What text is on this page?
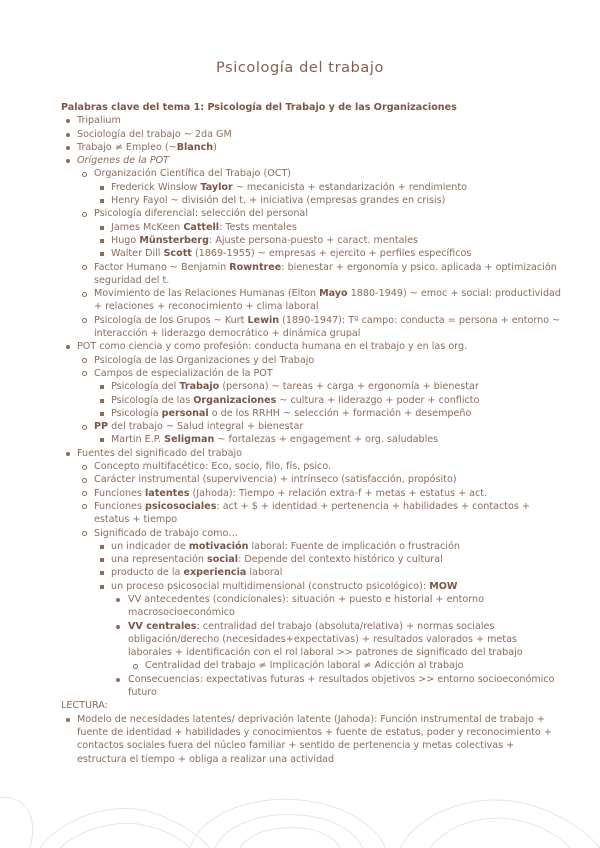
Psicología del trabajo
Palabras clave del tema 1: Psicología del Trabajo y de las Organizaciones
Tripalium
Sociología del trabajo ~ 2da GM
Trabajo ≠ Empleo (~Blanch)
Orígenes de la POT
Organización Científica del Trabajo (OCT)
Frederick Winslow Taylor ~ mecanicista + estandarización + rendimiento
Henry Fayol ~ división del t. + iniciativa (empresas grandes en crisis)
Psicología diferencial: selección del personal
James McKeen Cattell: Tests mentales
Hugo Münsterberg: Ajuste persona-puesto + caract. mentales
Walter Dill Scott (1869-1955) ~ empresas + ejercito + perfiles específicos
Factor Humano ~ Benjamin Rowntree: bienestar + ergonomía y psico. aplicada + optimización seguridad del t.
Movimiento de las Relaciones Humanas (Elton Mayo 1880-1949) ~ emoc + social: productividad + relaciones + reconocimiento + clima laboral
Psicología de los Grupos ~ Kurt Lewin (1890-1947): Tº campo: conducta = persona + entorno ~ interacción + liderazgo democrático + dinámica grupal
POT como ciencia y como profesión: conducta humana en el trabajo y en las org.
Psicología de las Organizaciones y del Trabajo
Campos de especialización de la POT
Psicología del Trabajo (persona) ~ tareas + carga + ergonomía + bienestar
Psicología de las Organizaciones ~ cultura + liderazgo + poder + conflicto
Psicología personal o de los RRHH ~ selección + formación + desempeño
PP del trabajo ~ Salud integral + bienestar
Martin E.P. Seligman ~ fortalezas + engagement + org. saludables
Fuentes del significado del trabajo
Concepto multifacético: Eco, socio, filo, fís, psico.
Carácter instrumental (supervivencia) + intrínseco (satisfacción, propósito)
Funciones latentes (Jahoda): Tiempo + relación extra-f + metas + estatus + act.
Funciones psicosociales: act + $ + identidad + pertenencia + habilidades + contactos + estatus + tiempo
Significado de trabajo como…
un indicador de motivación laboral: Fuente de implicación o frustración
una representación social: Depende del contexto histórico y cultural
producto de la experiencia laboral
un proceso psicosocial multidimensional (constructo psicológico): MOW
VV antecedentes (condicionales): situación + puesto e historial + entorno macrosocioeconómico
VV centrales: centralidad del trabajo (absoluta/relativa) + normas sociales obligación/derecho (necesidades+expectativas) + resultados valorados + metas laborales + identificación con el rol laboral >> patrones de significado del trabajo
Centralidad del trabajo ≠ Implicación laboral ≠ Adicción al trabajo
Consecuencias: expectativas futuras + resultados objetivos >> entorno socioeconómico futuro
LECTURA:
Modelo de necesidades latentes/ deprivación latente (Jahoda): Función instrumental de trabajo + fuente de identidad + habilidades y conocimientos + fuente de estatus, poder y reconocimiento + contactos sociales fuera del núcleo familiar + sentido de pertenencia y metas colectivas + estructura el tiempo + obliga a realizar una actividad
